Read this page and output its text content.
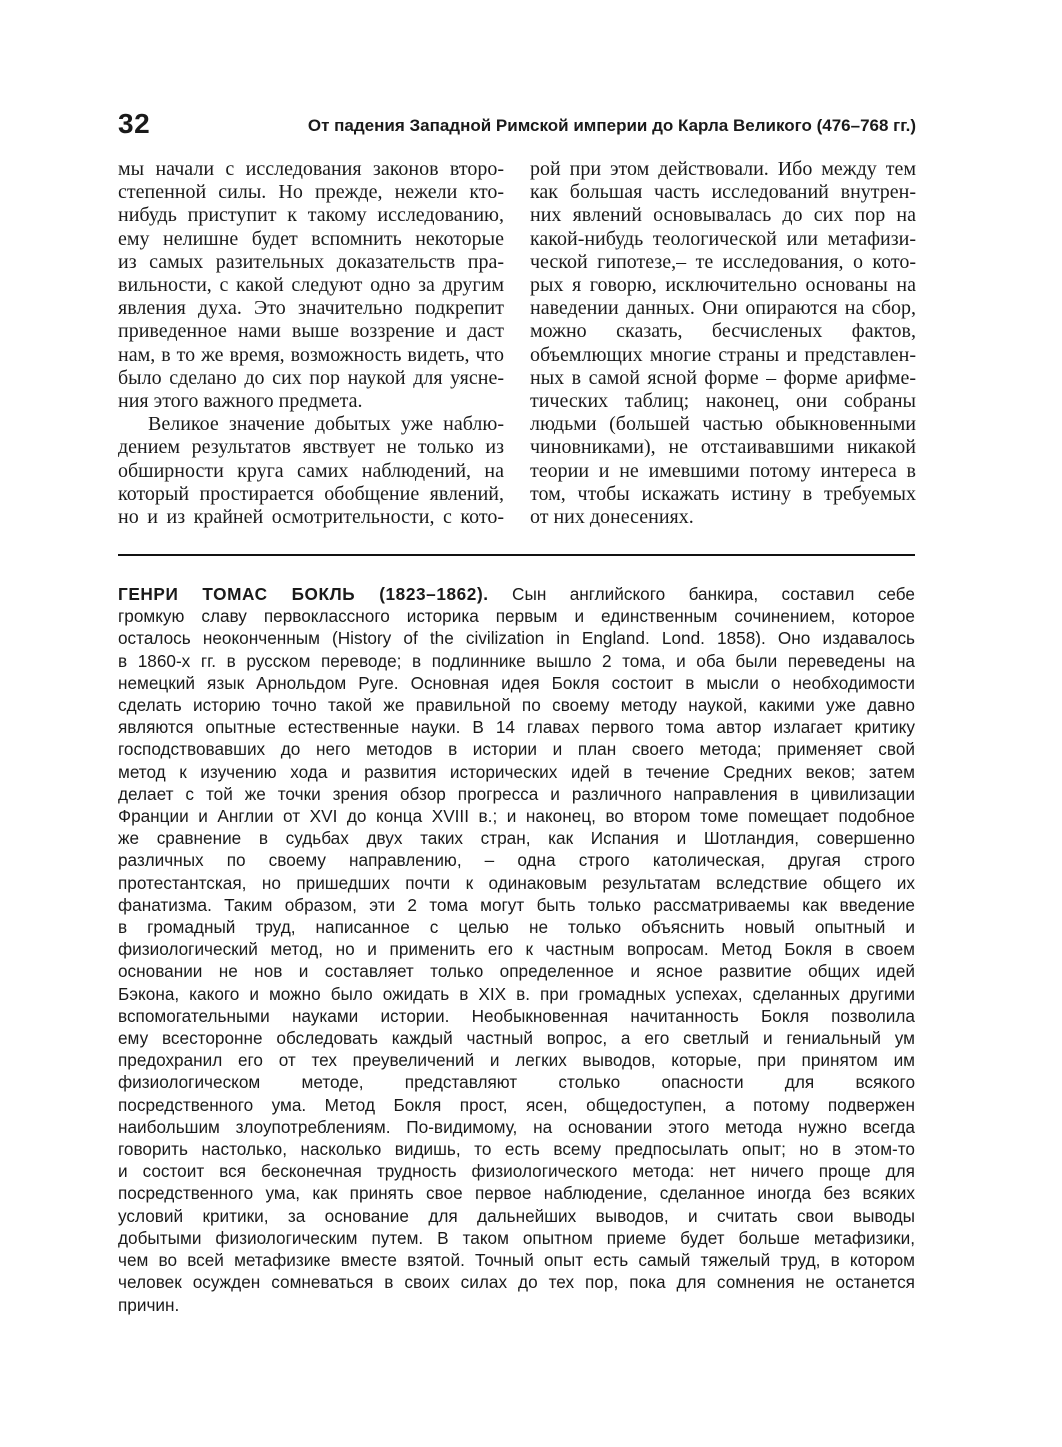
32	От падения Западной Римской империи до Карла Великого (476–768 гг.)
мы начали с исследования законов второ-
степенной силы. Но прежде, нежели кто-
нибудь приступит к такому исследованию,
ему нелишне будет вспомнить некоторые
из самых разительных доказательств пра-
вильности, с какой следуют одно за другим
явления духа. Это значительно подкрепит
приведенное нами выше воззрение и даст
нам, в то же время, возможность видеть, что
было сделано до сих пор наукой для уясне-
ния этого важного предмета.
Великое значение добытых уже наблю-
дением результатов явствует не только из
обширности круга самих наблюдений, на
который простирается обобщение явлений,
но и из крайней осмотрительности, с кото-
рой при этом действовали. Ибо между тем
как большая часть исследований внутрен-
них явлений основывалась до сих пор на
какой-нибудь теологической или метафизи-
ческой гипотезе,– те исследования, о кото-
рых я говорю, исключительно основаны на
наведении данных. Они опираются на сбор,
можно сказать, бесчисленых фактов,
объемлющих многие страны и представлен-
ных в самой ясной форме – форме арифме-
тических таблиц; наконец, они собраны
людьми (большей частью обыкновенными
чиновниками), не отстаивавшими никакой
теории и не имевшими потому интереса в
том, чтобы искажать истину в требуемых
от них донесениях.
ГЕНРИ ТОМАС БОКЛЬ (1823–1862). Сын английского банкира, составил себе
громкую славу первоклассного историка первым и единственным сочинением, которое
осталось неоконченным (History of the civilization in England. Lond. 1858). Оно издавалось
в 1860-х гг. в русском переводе; в подлиннике вышло 2 тома, и оба были переведены на
немецкий язык Арнольдом Руге. Основная идея Бокля состоит в мысли о необходимости
сделать историю точно такой же правильной по своему методу наукой, какими уже давно
являются опытные естественные науки. В 14 главах первого тома автор излагает критику
господствовавших до него методов в истории и план своего метода; применяет свой
метод к изучению хода и развития исторических идей в течение Средних веков; затем
делает с той же точки зрения обзор прогресса и различного направления в цивилизации
Франции и Англии от XVI до конца XVIII в.; и наконец, во втором томе помещает подобное
же сравнение в судьбах двух таких стран, как Испания и Шотландия, совершенно
различных по своему направлению, – одна строго католическая, другая строго
протестантская, но пришедших почти к одинаковым результатам вследствие общего их
фанатизма. Таким образом, эти 2 тома могут быть только рассматриваемы как введение
в громадный труд, написанное с целью не только объяснить новый опытный и
физиологический метод, но и применить его к частным вопросам. Метод Бокля в своем
основании не нов и составляет только определенное и ясное развитие общих идей
Бэкона, какого и можно было ожидать в XIX в. при громадных успехах, сделанных другими
вспомогательными науками истории. Необыкновенная начитанность Бокля позволила
ему всесторонне обследовать каждый частный вопрос, а его светлый и гениальный ум
предохранил его от тех преувеличений и легких выводов, которые, при принятом им
физиологическом методе, представляют столько опасности для всякого
посредственного ума. Метод Бокля прост, ясен, общедоступен, а потому подвержен
наибольшим злоупотреблениям. По-видимому, на основании этого метода нужно всегда
говорить настолько, насколько видишь, то есть всему предпосылать опыт; но в этом-то
и состоит вся бесконечная трудность физиологического метода: нет ничего проще для
посредственного ума, как принять свое первое наблюдение, сделанное иногда без всяких
условий критики, за основание для дальнейших выводов, и считать свои выводы
добытыми физиологическим путем. В таком опытном приеме будет больше метафизики,
чем во всей метафизике вместе взятой. Точный опыт есть самый тяжелый труд, в котором
человек осужден сомневаться в своих силах до тех пор, пока для сомнения не останется
причин.
